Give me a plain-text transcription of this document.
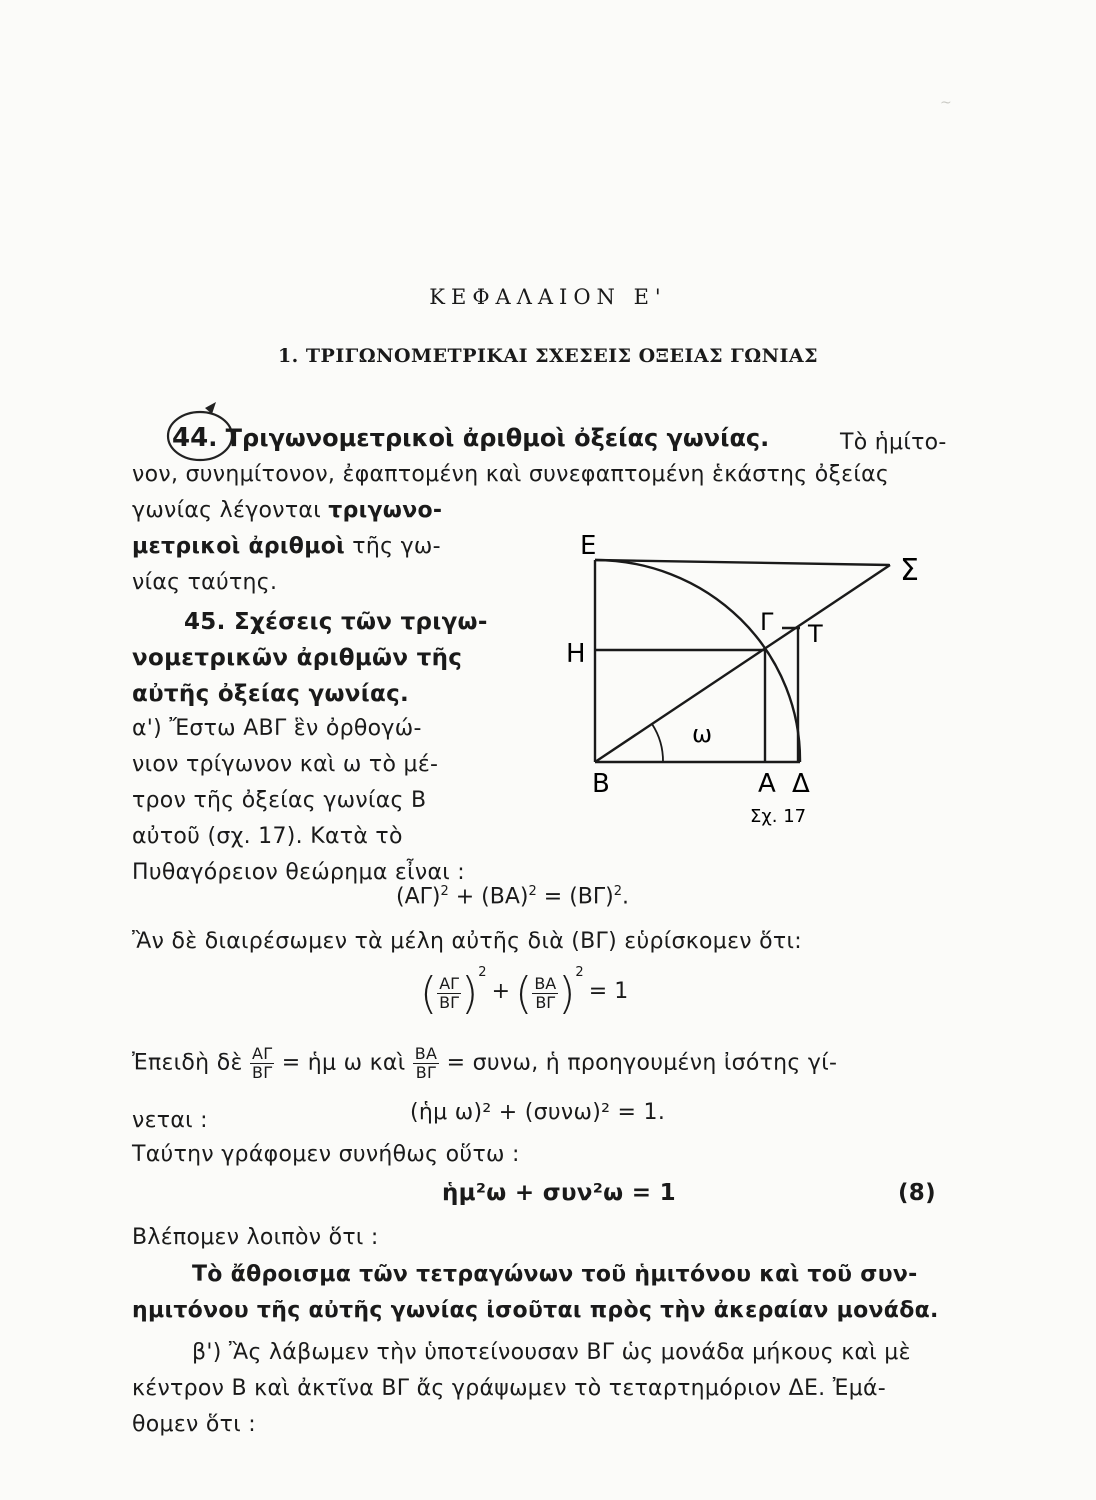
~
ΚΕΦΑΛΑΙΟΝ Ε'
1. ΤΡΙΓΩΝΟΜΕΤΡΙΚΑΙ ΣΧΕΣΕΙΣ ΟΞΕΙΑΣ ΓΩΝΙΑΣ
44. Τριγωνομετρικοὶ ἀριθμοὶ ὀξείας γωνίας.	Τὸ ἡμίτο-
νον, συνημίτονον, ἐφαπτομένη καὶ συνεφαπτομένη ἑκάστης ὀξείας
γωνίας λέγονται τριγωνο-
μετρικοὶ ἀριθμοὶ τῆς γω-
νίας ταύτης.
45. Σχέσεις τῶν τριγω-
νομετρικῶν ἀριθμῶν τῆς
αὐτῆς ὀξείας γωνίας.
α') Ἔστω ΑΒΓ ἓν ὀρθογώ-
νιον τρίγωνον καὶ ω τὸ μέ-
τρον τῆς ὀξείας γωνίας Β
αὐτοῦ (σχ. 17). Κατὰ τὸ
Πυθαγόρειον θεώρημα εἶναι :
Ε
Σ
Γ Τ
Η
ω
Β	Α Δ
Σχ. 17
$(A\Gamma)^2 + (BA)^2 = (B\Gamma)^2$.
Ἂν δὲ διαιρέσωμεν τὰ μέλη αὐτῆς διὰ (ΒΓ) εὑρίσκομεν ὅτι:
( $\frac{A\Gamma}{B\Gamma} )^2$ + ( $\frac{BA}{B\Gamma} )^2 = 1$
Ἐπειδὴ δὲ $\frac{A\Gamma}{B\Gamma}$ = ἡμ ω καὶ $\frac{BA}{B\Gamma} = \sigma\upsilon\nu\omega$, ἡ προηγουμένη ἰσότης γί-
νεται :	(ἡμ ω)² + (συνω)² = 1.
Ταύτην γράφομεν συνήθως οὕτω :
ἡμ²ω + συν²ω = 1	(8)
Βλέπομεν λοιπὸν ὅτι :
Τὸ ἄθροισμα τῶν τετραγώνων τοῦ ἡμιτόνου καὶ τοῦ συν-
ημιτόνου τῆς αὐτῆς γωνίας ἰσοῦται πρὸς τὴν ἀκεραίαν μονάδα.
β') Ἂς λάβωμεν τὴν ὑποτείνουσαν ΒΓ ὡς μονάδα μήκους καὶ μὲ
κέντρον Β καὶ ἀκτῖνα ΒΓ ἄς γράψωμεν τὸ τεταρτημόριον ΔΕ. Ἐμά-
θομεν ὅτι :
